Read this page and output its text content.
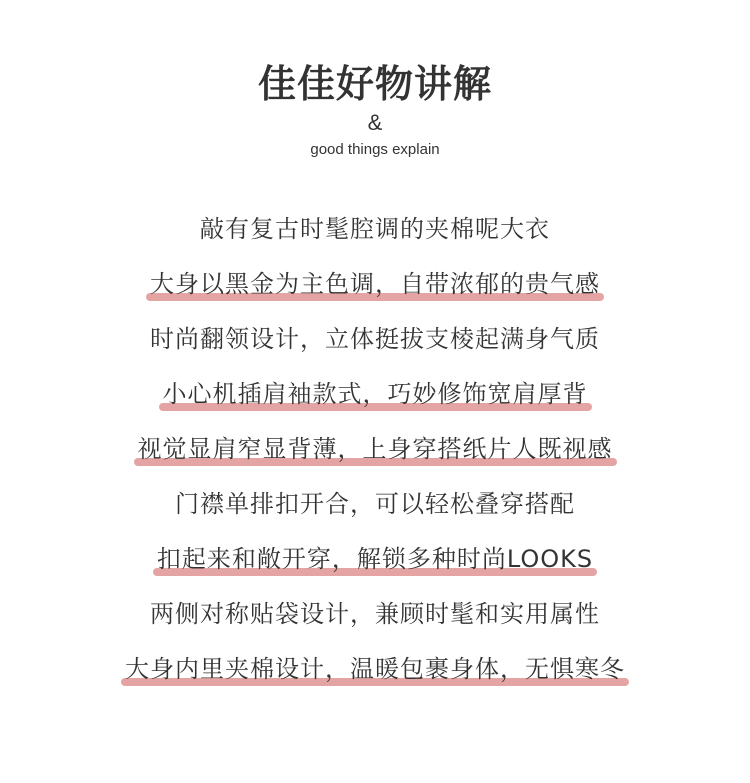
佳佳好物讲解
&
good things explain
敲有复古时髦腔调的夹棉呢大衣
大身以黑金为主色调，自带浓郁的贵气感
时尚翻领设计，立体挺拔支棱起满身气质
小心机插肩袖款式，巧妙修饰宽肩厚背
视觉显肩窄显背薄，上身穿搭纸片人既视感
门襟单排扣开合，可以轻松叠穿搭配
扣起来和敞开穿，解锁多种时尚LOOKS
两侧对称贴袋设计，兼顾时髦和实用属性
大身内里夹棉设计，温暖包裹身体，无惧寒冬
